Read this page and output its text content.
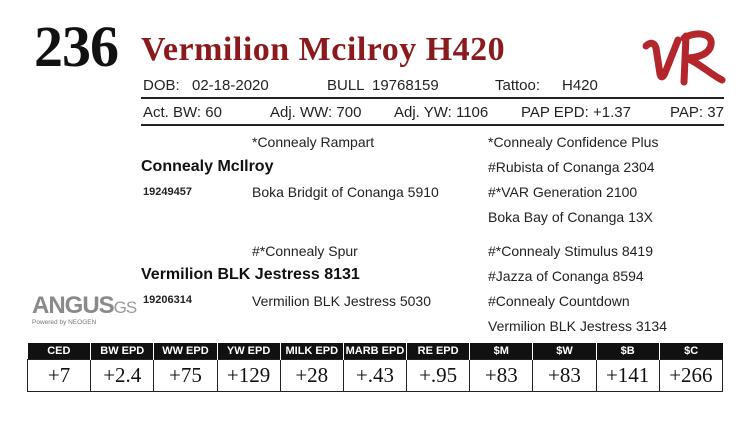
236 Vermilion Mcilroy H420
DOB: 02-18-2020	BULL 19768159	Tattoo: H420
Act. BW: 60	Adj. WW: 700 Adj. YW: 1106 PAP EPD: +1.37	PAP: 37
*Connealy Rampart	*Connealy Confidence Plus
#Rubista of Conanga 2304
Connealy McIlroy
19249457	Boka Bridgit of Conanga 5910	#*VAR Generation 2100
Boka Bay of Conanga 13X
#*Connealy Spur	#*Connealy Stimulus 8419
#Jazza of Conanga 8594
Vermilion BLK Jestress 8131
19206314	Vermilion BLK Jestress 5030	#Connealy Countdown
Vermilion BLK Jestress 3134
ANGUSGS
Powered by NEOGEN
CED	BW EPD	WW EPD	YW EPD	MILK EPD	MARB EPD	RE EPD	$M	$W	$B	$C
+7	+2.4	+75	+129	+28	+.43	+.95	+83	+83	+141	+266
